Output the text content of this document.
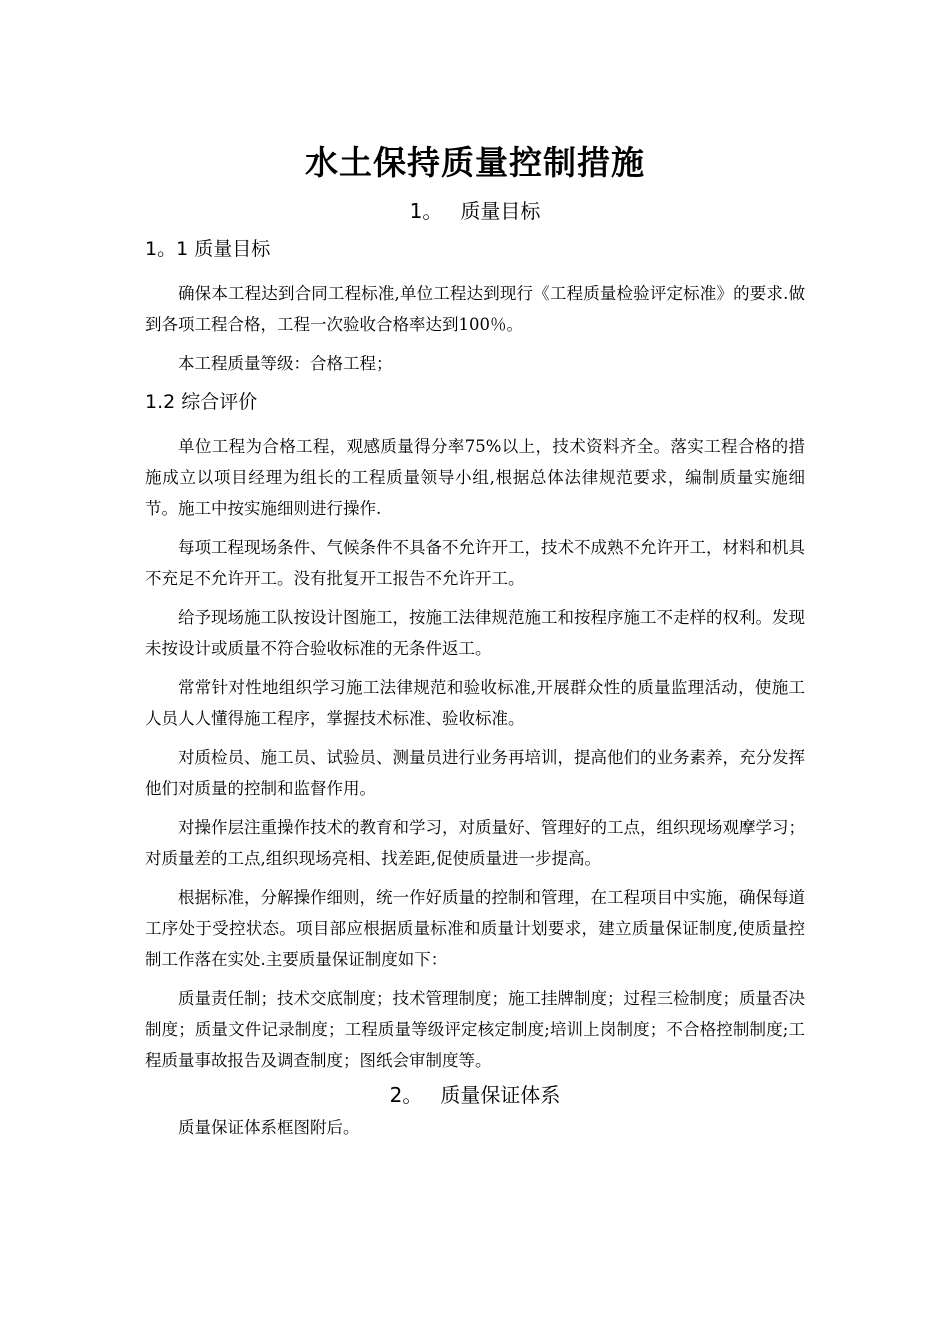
水土保持质量控制措施
1。 质量目标
1。1 质量目标

确保本工程达到合同工程标准,单位工程达到现行《工程质量检验评定标准》的要求.做到各项工程合格，工程一次验收合格率达到100％。

本工程质量等级：合格工程；

1.2 综合评价

单位工程为合格工程，观感质量得分率75%以上，技术资料齐全。落实工程合格的措施成立以项目经理为组长的工程质量领导小组,根据总体法律规范要求，编制质量实施细节。施工中按实施细则进行操作.

每项工程现场条件、气候条件不具备不允许开工，技术不成熟不允许开工，材料和机具不充足不允许开工。没有批复开工报告不允许开工。

给予现场施工队按设计图施工，按施工法律规范施工和按程序施工不走样的权利。发现未按设计或质量不符合验收标准的无条件返工。

常常针对性地组织学习施工法律规范和验收标准,开展群众性的质量监理活动，使施工人员人人懂得施工程序，掌握技术标准、验收标准。

对质检员、施工员、试验员、测量员进行业务再培训，提高他们的业务素养，充分发挥他们对质量的控制和监督作用。

对操作层注重操作技术的教育和学习，对质量好、管理好的工点，组织现场观摩学习；对质量差的工点,组织现场亮相、找差距,促使质量进一步提高。

根据标准，分解操作细则，统一作好质量的控制和管理，在工程项目中实施，确保每道工序处于受控状态。项目部应根据质量标准和质量计划要求，建立质量保证制度,使质量控制工作落在实处.主要质量保证制度如下：

质量责任制；技术交底制度；技术管理制度；施工挂牌制度；过程三检制度；质量否决制度；质量文件记录制度；工程质量等级评定核定制度;培训上岗制度；不合格控制制度;工程质量事故报告及调查制度；图纸会审制度等。

2。 质量保证体系

质量保证体系框图附后。
